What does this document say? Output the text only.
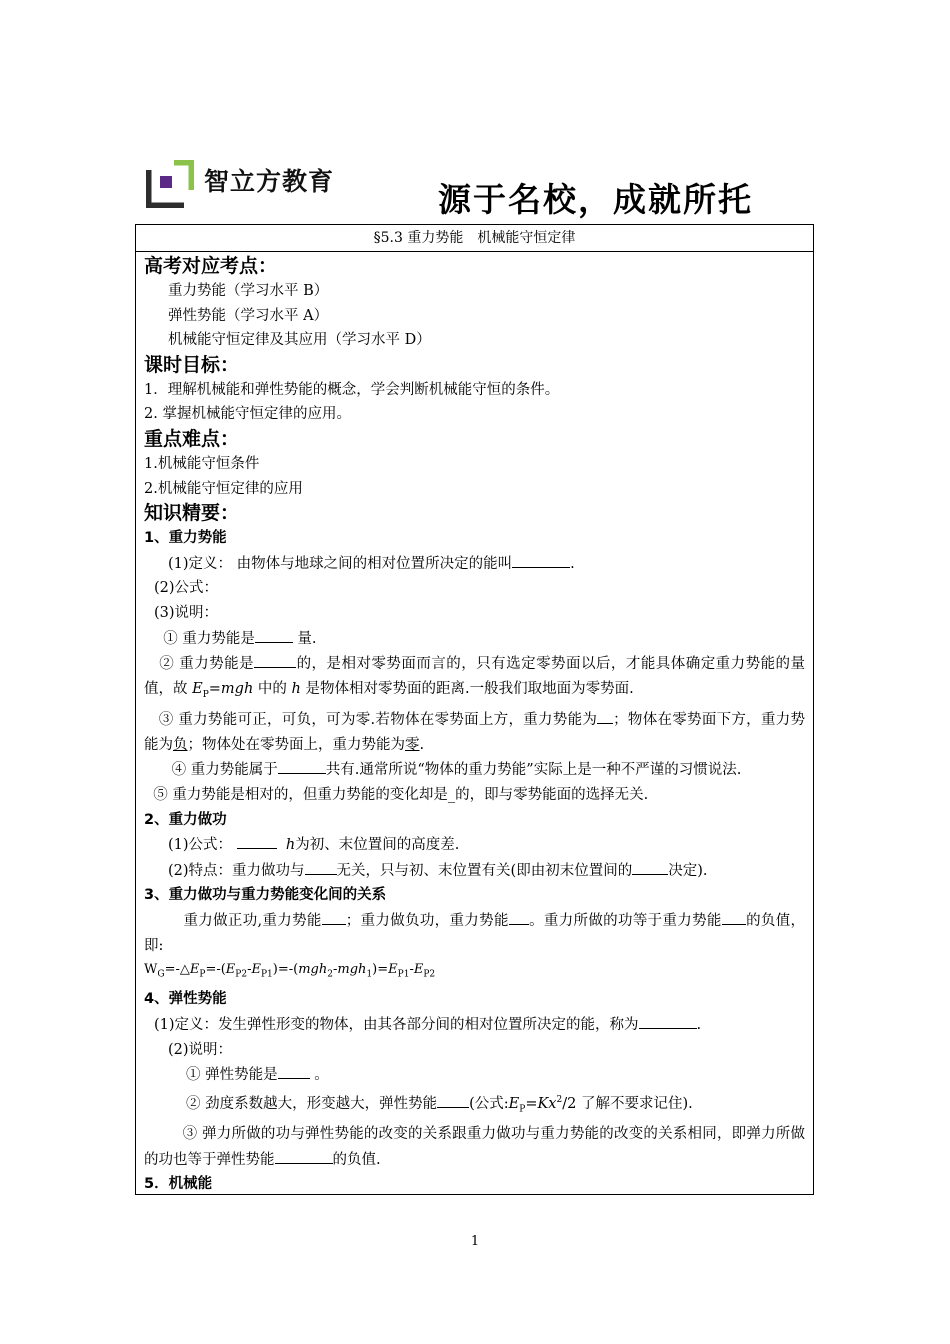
智立方教育	源于名校，成就所托
§5.3 重力势能　机械能守恒定律
高考对应考点：
重力势能（学习水平 B）
弹性势能（学习水平 A）
机械能守恒定律及其应用（学习水平 D）
课时目标：
1．理解机械能和弹性势能的概念，学会判断机械能守恒的条件。
2. 掌握机械能守恒定律的应用。
重点难点：
1.机械能守恒条件
2.机械能守恒定律的应用
知识精要：
1、重力势能
(1)定义： 由物体与地球之间的相对位置所决定的能叫	.
(2)公式：
(3)说明：
① 重力势能是	量.
② 重力势能是	的，是相对零势面而言的，只有选定零势面以后，才能具体确定重力势能的量值，故 $E_P=mgh$ 中的 h 是物体相对零势面的距离.一般我们取地面为零势面.
③ 重力势能可正，可负，可为零.若物体在零势面上方，重力势能为 ；物体在零势面下方，重力势能为负；物体处在零势面上，重力势能为零.
④ 重力势能属于	共有.通常所说“物体的重力势能”实际上是一种不严谨的习惯说法.
⑤ 重力势能是相对的，但重力势能的变化却是_的，即与零势能面的选择无关.
2、重力做功
(1)公式：	h为初、末位置间的高度差.
(2)特点：重力做功与 无关，只与初、末位置有关(即由初末位置间的 决定).
3、重力做功与重力势能变化间的关系
重力做正功,重力势能 ；重力做负功，重力势能 。重力所做的功等于重力势能 的负值，即:
$W_G=-\triangle E_P=-(E_{P2}-E_{P1})=-(mgh_2-mgh_1)=E_{P1}-E_{P2}$
4、弹性势能
(1)定义：发生弹性形变的物体，由其各部分间的相对位置所决定的能，称为	.
(2)说明：
① 弹性势能是 。
② 劲度系数越大，形变越大，弹性势能 (公式$:E_P=Kx^2/2$ 了解不要求记住).
③ 弹力所做的功与弹性势能的改变的关系跟重力做功与重力势能的改变的关系相同，即弹力所做的功也等于弹性势能	的负值.
5．机械能
1
